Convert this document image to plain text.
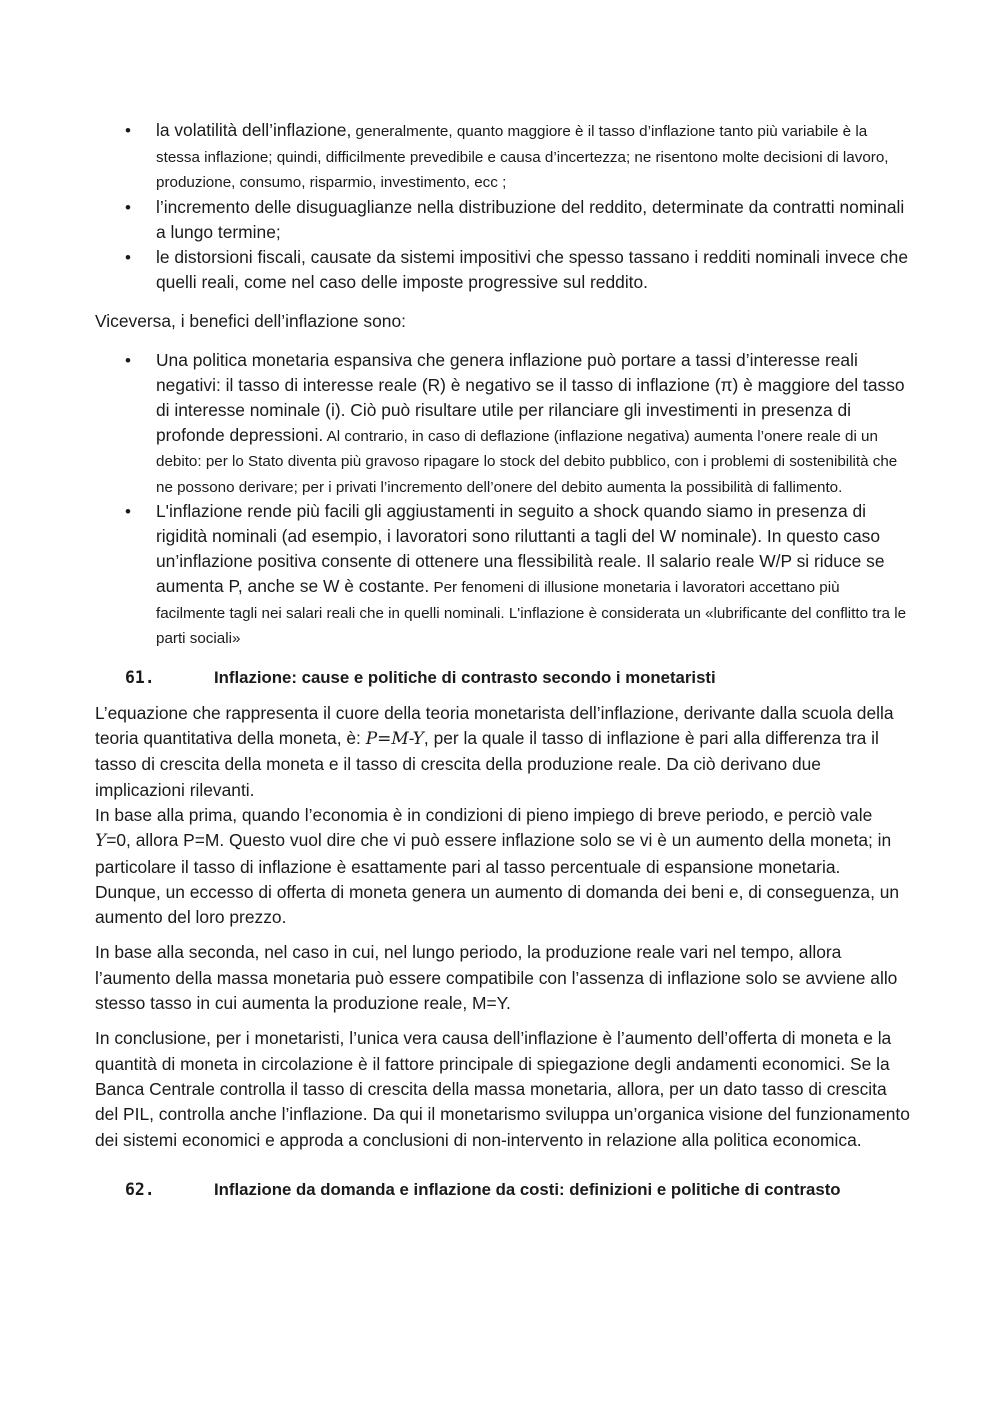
• la volatilità dell’inflazione, generalmente, quanto maggiore è il tasso d’inflazione tanto più variabile è la stessa inflazione; quindi, difficilmente prevedibile e causa d’incertezza; ne risentono molte decisioni di lavoro, produzione, consumo, risparmio, investimento, ecc ;
• l’incremento delle disuguaglianze nella distribuzione del reddito, determinate da contratti nominali a lungo termine;
• le distorsioni fiscali, causate da sistemi impositivi che spesso tassano i redditi nominali invece che quelli reali, come nel caso delle imposte progressive sul reddito.

Viceversa, i benefici dell’inflazione sono:

• Una politica monetaria espansiva che genera inflazione può portare a tassi d’interesse reali negativi: il tasso di interesse reale (R) è negativo se il tasso di inflazione (π) è maggiore del tasso di interesse nominale (i). Ciò può risultare utile per rilanciare gli investimenti in presenza di profonde depressioni. Al contrario, in caso di deflazione (inflazione negativa) aumenta l’onere reale di un debito: per lo Stato diventa più gravoso ripagare lo stock del debito pubblico, con i problemi di sostenibilità che ne possono derivare; per i privati l’incremento dell’onere del debito aumenta la possibilità di fallimento.
• L'inflazione rende più facili gli aggiustamenti in seguito a shock quando siamo in presenza di rigidità nominali (ad esempio, i lavoratori sono riluttanti a tagli del W nominale). In questo caso un’inflazione positiva consente di ottenere una flessibilità reale. Il salario reale W/P si riduce se aumenta P, anche se W è costante. Per fenomeni di illusione monetaria i lavoratori accettano più facilmente tagli nei salari reali che in quelli nominali. L'inflazione è considerata un «lubrificante del conflitto tra le parti sociali»
61.	Inflazione: cause e politiche di contrasto secondo i monetaristi

L’equazione che rappresenta il cuore della teoria monetarista dell’inflazione, derivante dalla scuola della teoria quantitativa della moneta, è: P=M-Y, per la quale il tasso di inflazione è pari alla differenza tra il tasso di crescita della moneta e il tasso di crescita della produzione reale. Da ciò derivano due implicazioni rilevanti.

In base alla prima, quando l’economia è in condizioni di pieno impiego di breve periodo, e perciò vale Y=0, allora P=M. Questo vuol dire che vi può essere inflazione solo se vi è un aumento della moneta; in particolare il tasso di inflazione è esattamente pari al tasso percentuale di espansione monetaria. Dunque, un eccesso di offerta di moneta genera un aumento di domanda dei beni e, di conseguenza, un aumento del loro prezzo.

In base alla seconda, nel caso in cui, nel lungo periodo, la produzione reale vari nel tempo, allora l’aumento della massa monetaria può essere compatibile con l’assenza di inflazione solo se avviene allo stesso tasso in cui aumenta la produzione reale, M=Y.

In conclusione, per i monetaristi, l’unica vera causa dell’inflazione è l’aumento dell’offerta di moneta e la quantità di moneta in circolazione è il fattore principale di spiegazione degli andamenti economici. Se la Banca Centrale controlla il tasso di crescita della massa monetaria, allora, per un dato tasso di crescita del PIL, controlla anche l’inflazione. Da qui il monetarismo sviluppa un’organica visione del funzionamento dei sistemi economici e approda a conclusioni di non-intervento in relazione alla politica economica.

62.	Inflazione da domanda e inflazione da costi: definizioni e politiche di contrasto
